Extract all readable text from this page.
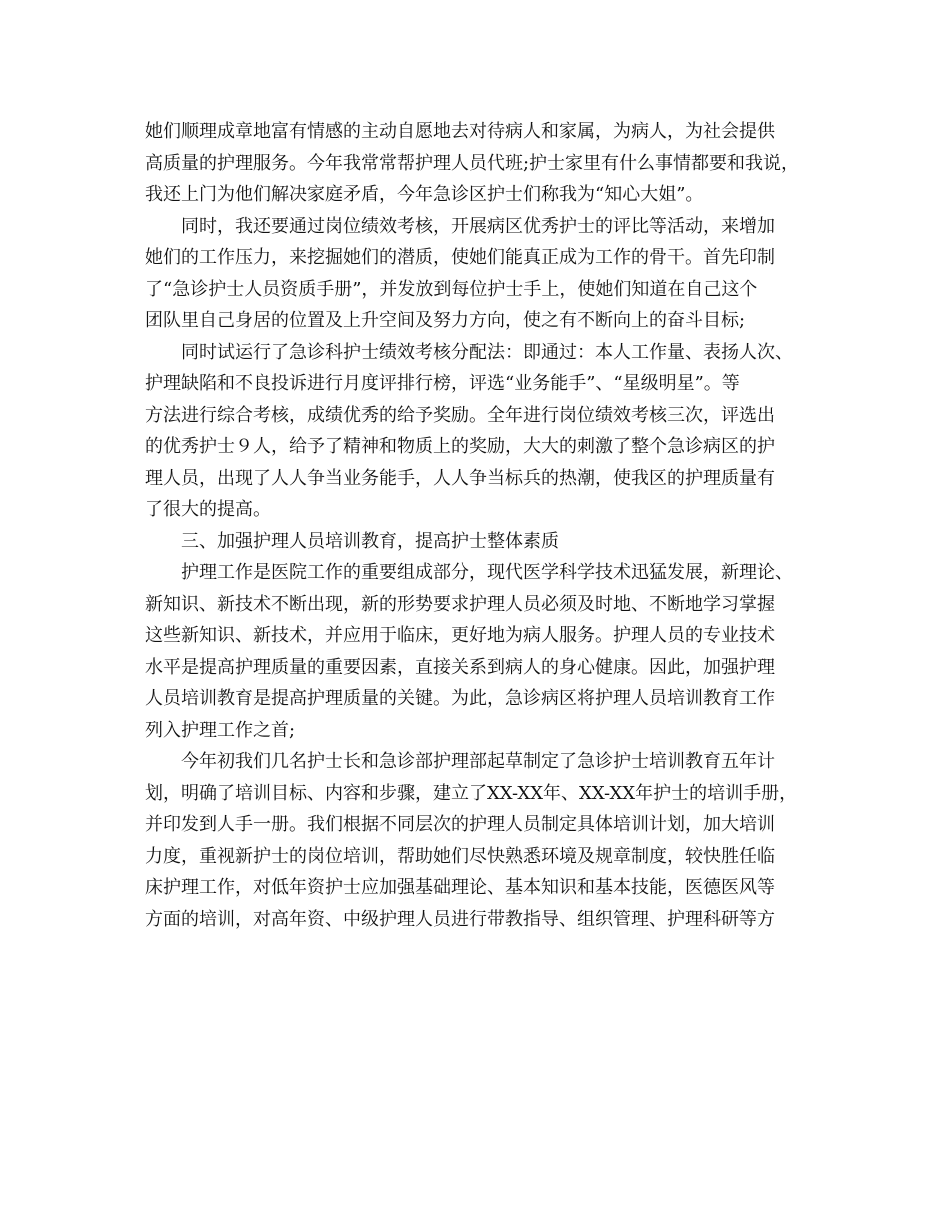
她们顺理成章地富有情感的主动自愿地去对待病人和家属，为病人，为社会提供
高质量的护理服务。今年我常常帮护理人员代班;护士家里有什么事情都要和我说，
我还上门为他们解决家庭矛盾，今年急诊区护士们称我为“知心大姐”。
同时，我还要通过岗位绩效考核，开展病区优秀护士的评比等活动，来增加
她们的工作压力，来挖掘她们的潜质，使她们能真正成为工作的骨干。首先印制
了“急诊护士人员资质手册”，并发放到每位护士手上，使她们知道在自己这个
团队里自己身居的位置及上升空间及努力方向，使之有不断向上的奋斗目标;
同时试运行了急诊科护士绩效考核分配法：即通过：本人工作量、表扬人次、
护理缺陷和不良投诉进行月度评排行榜，评选“业务能手”、“星级明星”。等
方法进行综合考核，成绩优秀的给予奖励。全年进行岗位绩效考核三次，评选出
的优秀护士９人，给予了精神和物质上的奖励，大大的刺激了整个急诊病区的护
理人员，出现了人人争当业务能手，人人争当标兵的热潮，使我区的护理质量有
了很大的提高。
三、加强护理人员培训教育，提高护士整体素质
护理工作是医院工作的重要组成部分，现代医学科学技术迅猛发展，新理论、
新知识、新技术不断出现，新的形势要求护理人员必须及时地、不断地学习掌握
这些新知识、新技术，并应用于临床，更好地为病人服务。护理人员的专业技术
水平是提高护理质量的重要因素，直接关系到病人的身心健康。因此，加强护理
人员培训教育是提高护理质量的关键。为此，急诊病区将护理人员培训教育工作
列入护理工作之首;
今年初我们几名护士长和急诊部护理部起草制定了急诊护士培训教育五年计
划，明确了培训目标、内容和步骤，建立了XX-XX年、XX-XX年护士的培训手册，
并印发到人手一册。我们根据不同层次的护理人员制定具体培训计划，加大培训
力度，重视新护士的岗位培训，帮助她们尽快熟悉环境及规章制度，较快胜任临
床护理工作，对低年资护士应加强基础理论、基本知识和基本技能，医德医风等
方面的培训，对高年资、中级护理人员进行带教指导、组织管理、护理科研等方
